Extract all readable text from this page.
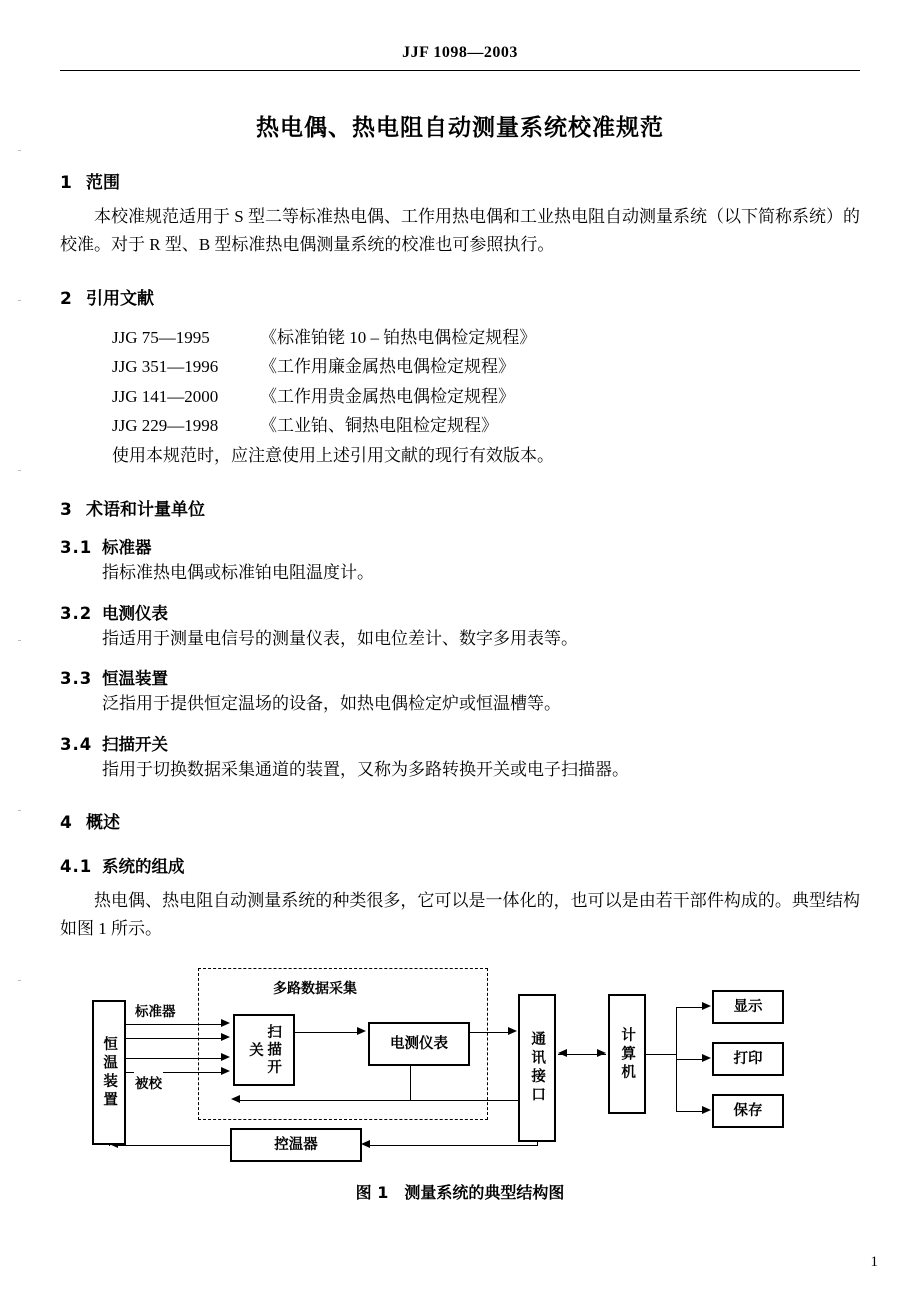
JJF 1098—2003
热电偶、热电阻自动测量系统校准规范
1 范围
本校准规范适用于 S 型二等标准热电偶、工作用热电偶和工业热电阻自动测量系统（以下简称系统）的校准。对于 R 型、B 型标准热电偶测量系统的校准也可参照执行。
2 引用文献
JJG 75—1995	《标准铂铑 10 – 铂热电偶检定规程》
JJG 351—1996	《工作用廉金属热电偶检定规程》
JJG 141—2000	《工作用贵金属热电偶检定规程》
JJG 229—1998	《工业铂、铜热电阻检定规程》
使用本规范时，应注意使用上述引用文献的现行有效版本。
3 术语和计量单位
3.1 标准器
指标准热电偶或标准铂电阻温度计。
3.2 电测仪表
指适用于测量电信号的测量仪表，如电位差计、数字多用表等。
3.3 恒温装置
泛指用于提供恒定温场的设备，如热电偶检定炉或恒温槽等。
3.4 扫描开关
指用于切换数据采集通道的装置，又称为多路转换开关或电子扫描器。
4 概述
4.1 系统的组成
热电偶、热电阻自动测量系统的种类很多，它可以是一体化的，也可以是由若干部件构成的。典型结构如图 1 所示。
多路数据采集
恒温装置	扫描开关	电测仪表	通讯接口	计算机
显示
打印
保存
控温器
标准器
被校
图 1　测量系统的典型结构图
1
